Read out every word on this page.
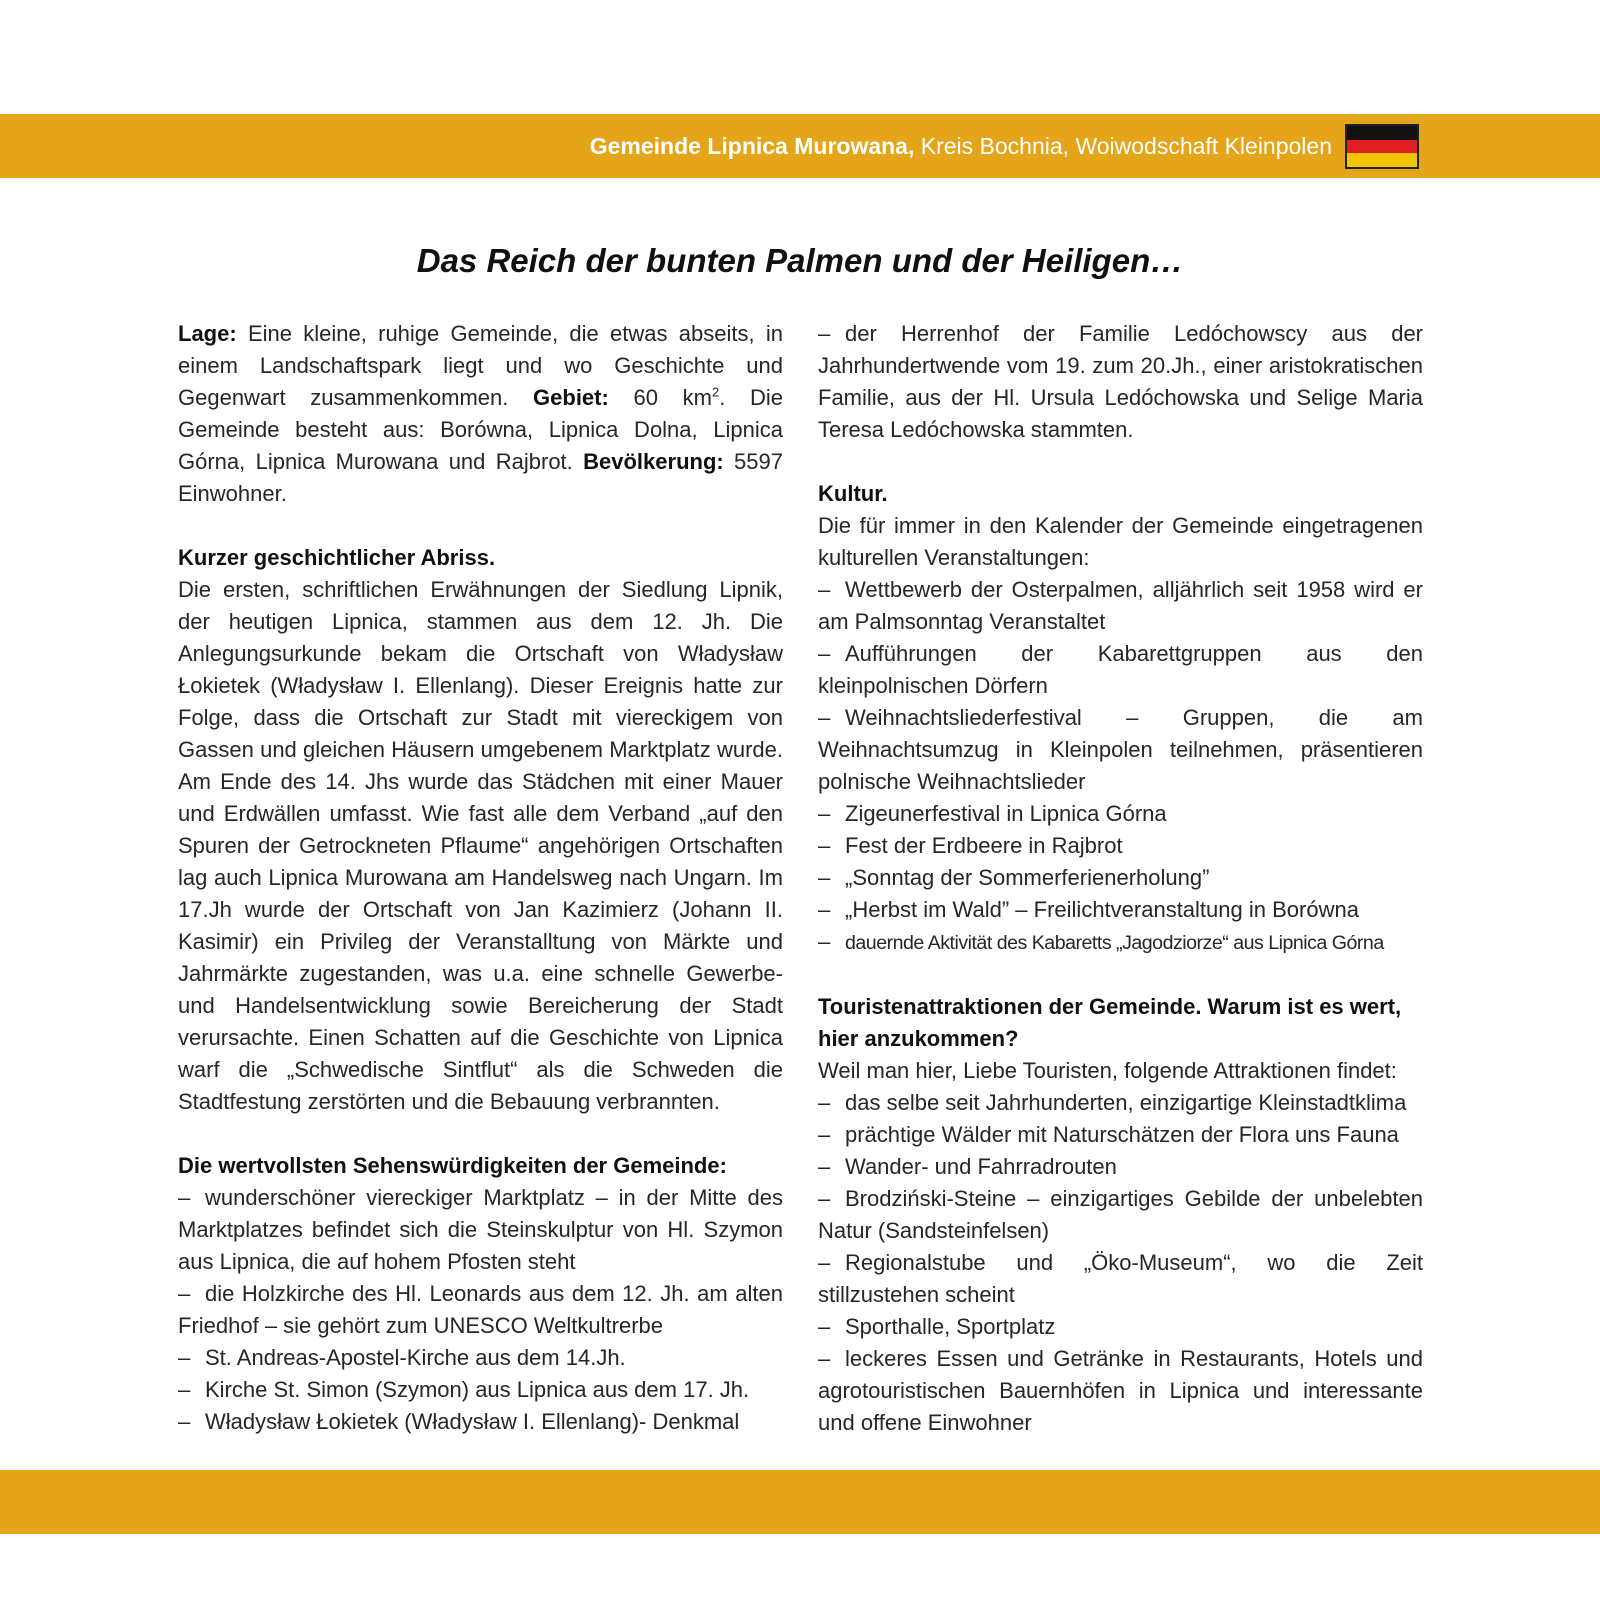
Gemeinde Lipnica Murowana, Kreis Bochnia, Woiwodschaft Kleinpolen
Das Reich der bunten Palmen und der Heiligen…

Lage: Eine kleine, ruhige Gemeinde, die etwas abseits, in einem Landschaftspark liegt und wo Geschichte und Gegenwart zusammenkommen. Gebiet: 60 $km^2$. Die Gemeinde besteht aus: Borówna, Lipnica Dolna, Lipnica Górna, Lipnica Murowana und Rajbrot. Bevölkerung: 5597 Einwohner.

Kurzer geschichtlicher Abriss.

Die ersten, schriftlichen Erwähnungen der Siedlung Lipnik, der heutigen Lipnica, stammen aus dem 12. Jh. Die Anlegungsurkunde bekam die Ortschaft von Władysław Łokietek (Władysław I. Ellenlang). Dieser Ereignis hatte zur Folge, dass die Ortschaft zur Stadt mit viereckigem von Gassen und gleichen Häusern umgebenem Marktplatz wurde. Am Ende des 14. Jhs wurde das Städchen mit einer Mauer und Erdwällen umfasst. Wie fast alle dem Verband „auf den Spuren der Getrockneten Pflaume“ angehörigen Ortschaften lag auch Lipnica Murowana am Handelsweg nach Ungarn. Im 17.Jh wurde der Ortschaft von Jan Kazimierz (Johann II. Kasimir) ein Privileg der Veranstalltung von Märkte und Jahrmärkte zugestanden, was u.a. eine schnelle Gewerbe- und Handelsentwicklung sowie Bereicherung der Stadt verursachte. Einen Schatten auf die Geschichte von Lipnica warf die „Schwedische Sintflut“ als die Schweden die Stadtfestung zerstörten und die Bebauung verbrannten.

Die wertvollsten Sehenswürdigkeiten der Gemeinde:
– wunderschöner viereckiger Marktplatz – in der Mitte des Marktplatzes befindet sich die Steinskulptur von Hl. Szymon aus Lipnica, die auf hohem Pfosten steht
– die Holzkirche des Hl. Leonards aus dem 12. Jh. am alten Friedhof – sie gehört zum UNESCO Weltkultrerbe
– St. Andreas-Apostel-Kirche aus dem 14.Jh.
– Kirche St. Simon (Szymon) aus Lipnica aus dem 17. Jh.
– Władysław Łokietek (Władysław I. Ellenlang)- Denkmal
– der Herrenhof der Familie Ledóchowscy aus der Jahrhundertwende vom 19. zum 20.Jh., einer aristokratischen Familie, aus der Hl. Ursula Ledóchowska und Selige Maria Teresa Ledóchowska stammten.
Kultur.

Die für immer in den Kalender der Gemeinde eingetragenen kulturellen Veranstaltungen:

– Wettbewerb der Osterpalmen, alljährlich seit 1958 wird er am Palmsonntag Veranstaltet
– Aufführungen der Kabarettgruppen aus den kleinpolnischen Dörfern
– Weihnachtsliederfestival – Gruppen, die am Weihnachtsumzug in Kleinpolen teilnehmen, präsentieren polnische Weihnachtslieder
– Zigeunerfestival in Lipnica Górna
– Fest der Erdbeere in Rajbrot
– „Sonntag der Sommerferienerholung”
– „Herbst im Wald” – Freilichtveranstaltung in Borówna
– dauernde Aktivität des Kabaretts „Jagodziorze“ aus Lipnica Górna
Touristenattraktionen der Gemeinde. Warum ist es wert, hier anzukommen?

Weil man hier, Liebe Touristen, folgende Attraktionen findet:

– das selbe seit Jahrhunderten, einzigartige Kleinstadtklima
– prächtige Wälder mit Naturschätzen der Flora uns Fauna
– Wander- und Fahrradrouten
– Brodziński-Steine – einzigartiges Gebilde der unbelebten Natur (Sandsteinfelsen)
– Regionalstube und „Öko-Museum“, wo die Zeit stillzustehen scheint
– Sporthalle, Sportplatz
– leckeres Essen und Getränke in Restaurants, Hotels und agrotouristischen Bauernhöfen in Lipnica und interessante und offene Einwohner
